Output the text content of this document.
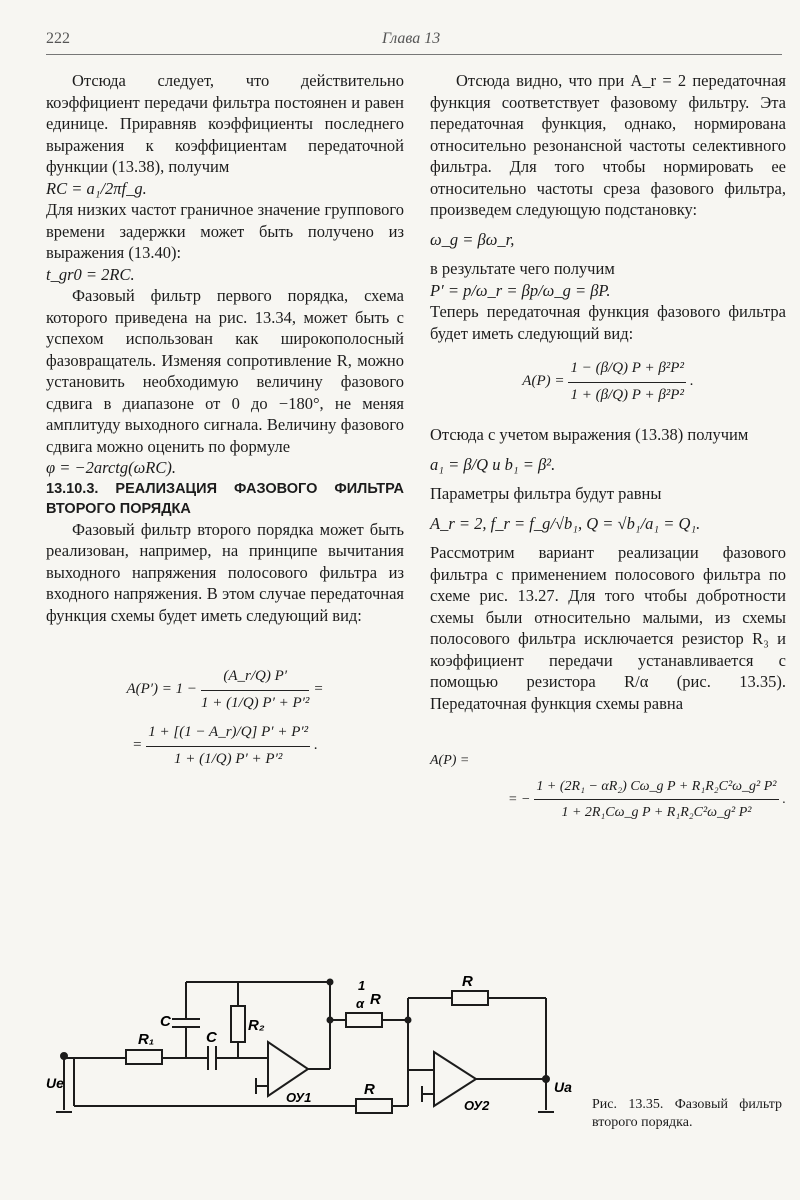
222	Глава 13

Отсюда следует, что действительно коэффициент передачи фильтра постоянен и равен единице. Приравняв коэффициенты последнего выражения к коэффициентам передаточной функции (13.38), получим

RC = a₁/2πf_g.

Для низких частот граничное значение группового времени задержки может быть получено из выражения (13.40):

t_gr0 = 2RC.

Фазовый фильтр первого порядка, схема которого приведена на рис. 13.34, может быть с успехом использован как широкополосный фазовращатель. Изменяя сопротивление R, можно установить необходимую величину фазового сдвига в диапазоне от 0 до −180°, не меняя амплитуду выходного сигнала. Величину фазового сдвига можно оценить по формуле

φ = −2arctg(ωRC).

13.10.3. РЕАЛИЗАЦИЯ ФАЗОВОГО ФИЛЬТРА ВТОРОГО ПОРЯДКА

Фазовый фильтр второго порядка может быть реализован, например, на принципе вычитания выходного напряжения полосового фильтра из входного напряжения. В этом случае передаточная функция схемы будет иметь следующий вид:

$A(P') = 1 - \frac{(A\_r/Q) P'}{\text{1 + (1/Q) P′ + P′²}}$ =
= $\frac{\text{1 + [(1 − A\_r)/Q] P′ + P′²}}{\text{1 + (1/Q) P′ + P′²}}$ .

Отсюда видно, что при A_r = 2 передаточная функция соответствует фазовому фильтру. Эта передаточная функция, однако, нормирована относительно резонансной частоты селективного фильтра. Для того чтобы нормировать ее относительно частоты среза фазового фильтра, произведем следующую подстановку:

ω_g = βω_r,

в результате чего получим

P′ = p/ω_r = βp/ω_g = βP.

Теперь передаточная функция фазового фильтра будет иметь следующий вид:

$A(P) = \frac{\text{1 − (β/Q) P + β²P²}}{\text{1 + (β/Q) P + β²P²}}$ .

Отсюда с учетом выражения (13.38) получим

a₁ = β/Q и b₁ = β².

Параметры фильтра будут равны

A_r = 2, f_r = f_g/√b₁, Q = √b₁/a₁ = Q₁.

Рассмотрим вариант реализации фазового фильтра с применением полосового фильтра по схеме рис. 13.27. Для того чтобы добротности схемы были относительно малыми, из схемы полосового фильтра исключается резистор R₃ и коэффициент передачи устанавливается с помощью резистора R/α (рис. 13.35). Передаточная функция схемы равна

A(P) =
= − $\frac{\text{1 + (2R₁ − αR₂) Cω\_g P + R₁R₂C²ω\_g² P²}}{\text{1 + 2R₁Cω\_g P + R₁R₂C²ω\_g² P²}}$ .
C	R₂
R₁	C
1
α R
R
R
ОУ1
ОУ2
Uе	Ua
Рис. 13.35. Фазовый фильтр второго порядка.
